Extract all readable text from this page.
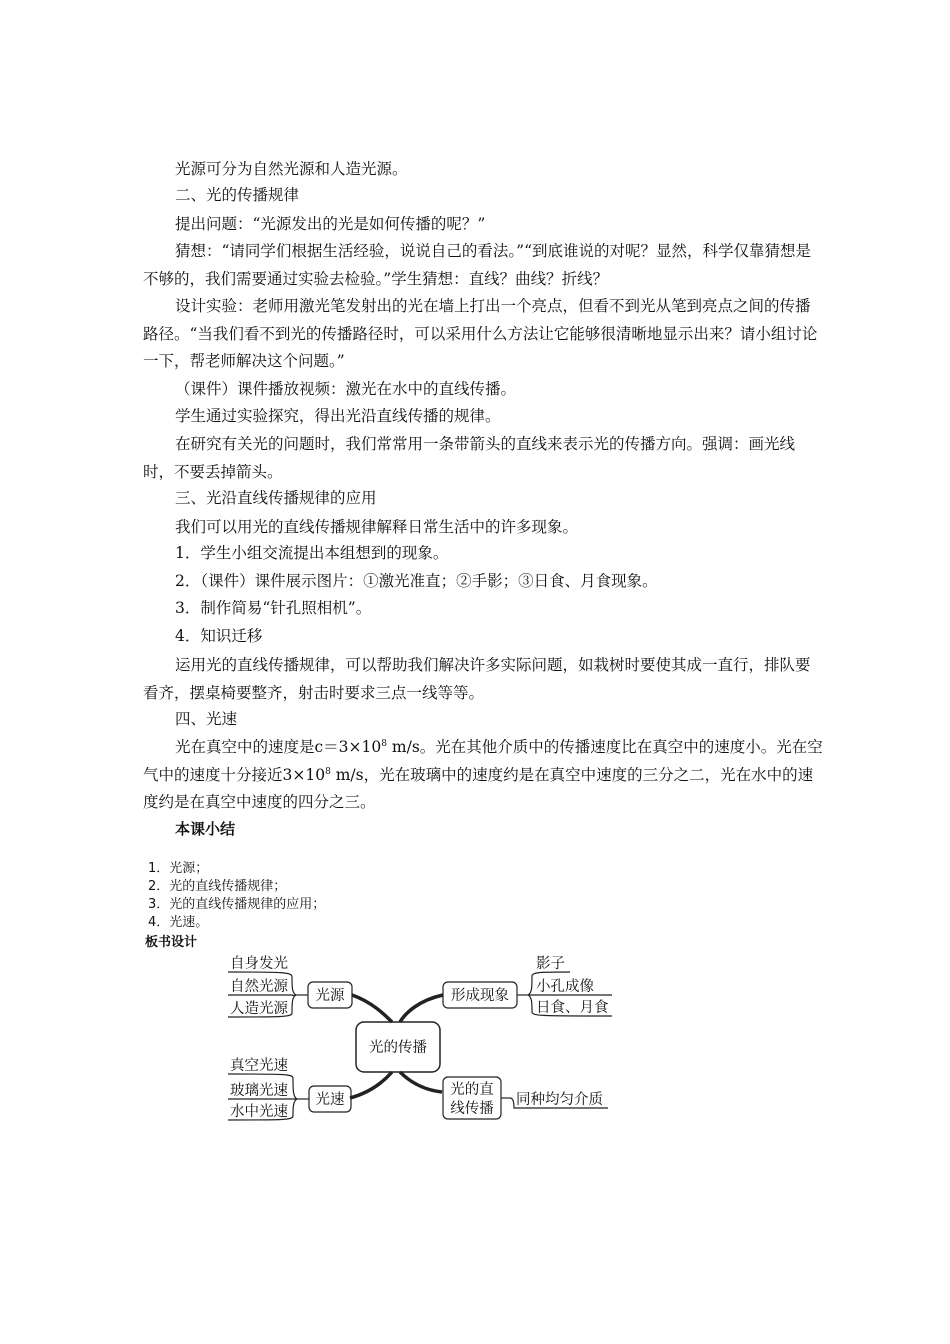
光源可分为自然光源和人造光源。

二、光的传播规律

提出问题：“光源发出的光是如何传播的呢？”

猜想：“请同学们根据生活经验，说说自己的看法。”“到底谁说的对呢？显然，科学仅靠猜想是不够的，我们需要通过实验去检验。”学生猜想：直线？曲线？折线？

设计实验：老师用激光笔发射出的光在墙上打出一个亮点，但看不到光从笔到亮点之间的传播路径。“当我们看不到光的传播路径时，可以采用什么方法让它能够很清晰地显示出来？请小组讨论一下，帮老师解决这个问题。”

（课件）课件播放视频：激光在水中的直线传播。

学生通过实验探究，得出光沿直线传播的规律。

在研究有关光的问题时，我们常常用一条带箭头的直线来表示光的传播方向。强调：画光线时，不要丢掉箭头。

三、光沿直线传播规律的应用

我们可以用光的直线传播规律解释日常生活中的许多现象。

1．学生小组交流提出本组想到的现象。

2．（课件）课件展示图片：①激光准直；②手影；③日食、月食现象。

3．制作简易“针孔照相机”。

4．知识迁移

运用光的直线传播规律，可以帮助我们解决许多实际问题，如栽树时要使其成一直行，排队要看齐，摆桌椅要整齐，射击时要求三点一线等等。

四、光速

光在真空中的速度是$c=3\times 10^8$ m/s。光在其他介质中的传播速度比在真空中的速度小。光在空气中的速度十分接近$3\times 10^8$ m/s，光在玻璃中的速度约是在真空中速度的三分之二，光在水中的速度约是在真空中速度的四分之三。

本课小结

1．光源；

2．光的直线传播规律；

3．光的直线传播规律的应用；

4．光速。

板书设计

光的传播
光源
自身发光
自然光源
人造光源
形成现象
影子
小孔成像
日食、月食
光速
真空光速
玻璃光速
水中光速
光的直
线传播
同种均匀介质
